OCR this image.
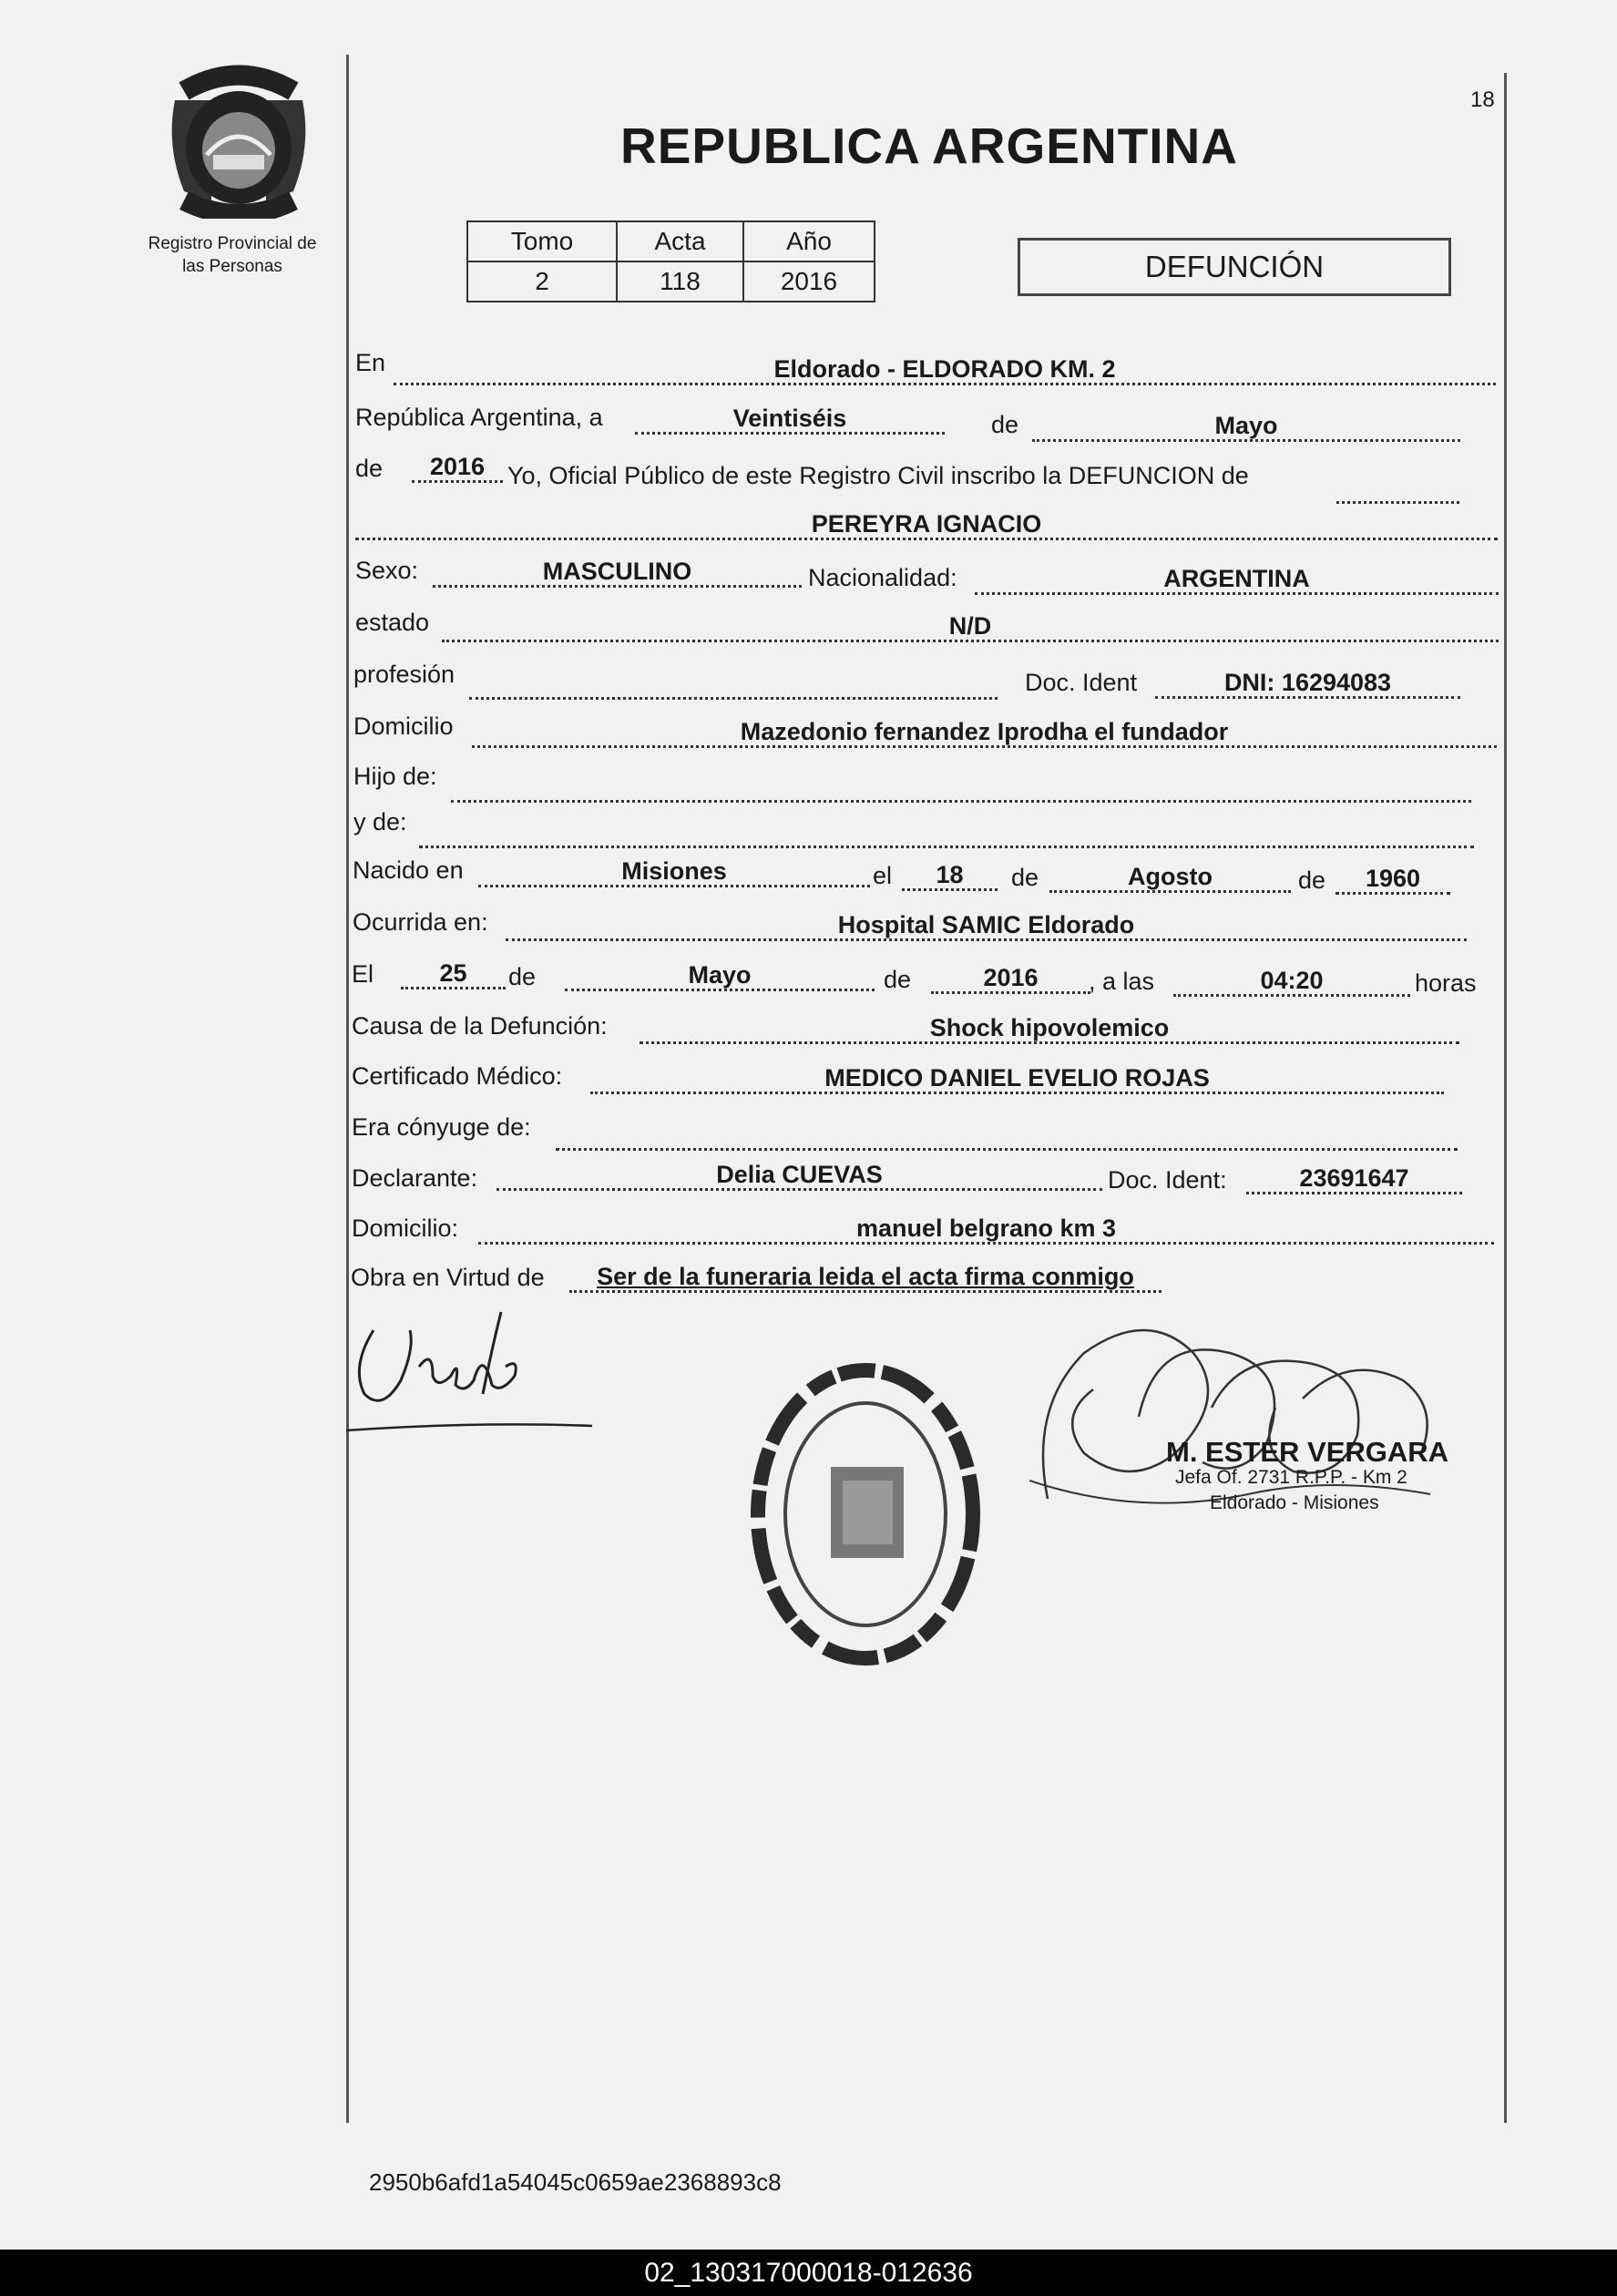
Registro Provincial de
las Personas
18
REPUBLICA ARGENTINA
Tomo	Acta	Año
2	118	2016	DEFUNCIÓN
En	Eldorado - ELDORADO KM. 2
República Argentina, a	Veintiséis	de	Mayo
de	2016 Yo, Oficial Público de este Registro Civil inscribo la DEFUNCION de
PEREYRA IGNACIO
Sexo:	MASCULINO	Nacionalidad:	ARGENTINA
estado	N/D
profesión	Doc. Ident	DNI: 16294083
Domicilio	Mazedonio fernandez Iprodha el fundador
Hijo de:
y de:
Nacido en	Misiones	el	18	de	Agosto	de	1960
Ocurrida en:	Hospital SAMIC Eldorado
El	25	de	Mayo	de	2016	, a las	04:20	horas
Causa de la Defunción:	Shock hipovolemico
Certificado Médico:	MEDICO DANIEL EVELIO ROJAS
Era cónyuge de:
Declarante:	Delia CUEVAS	Doc. Ident:	23691647
Domicilio:	manuel belgrano km 3
Obra en Virtud de	Ser de la funeraria leida el acta firma conmigo
M. ESTER VERGARA
Jefa Of. 2731 R.P.P. - Km 2
Eldorado - Misiones
2950b6afd1a54045c0659ae2368893c8
02_130317000018-012636
